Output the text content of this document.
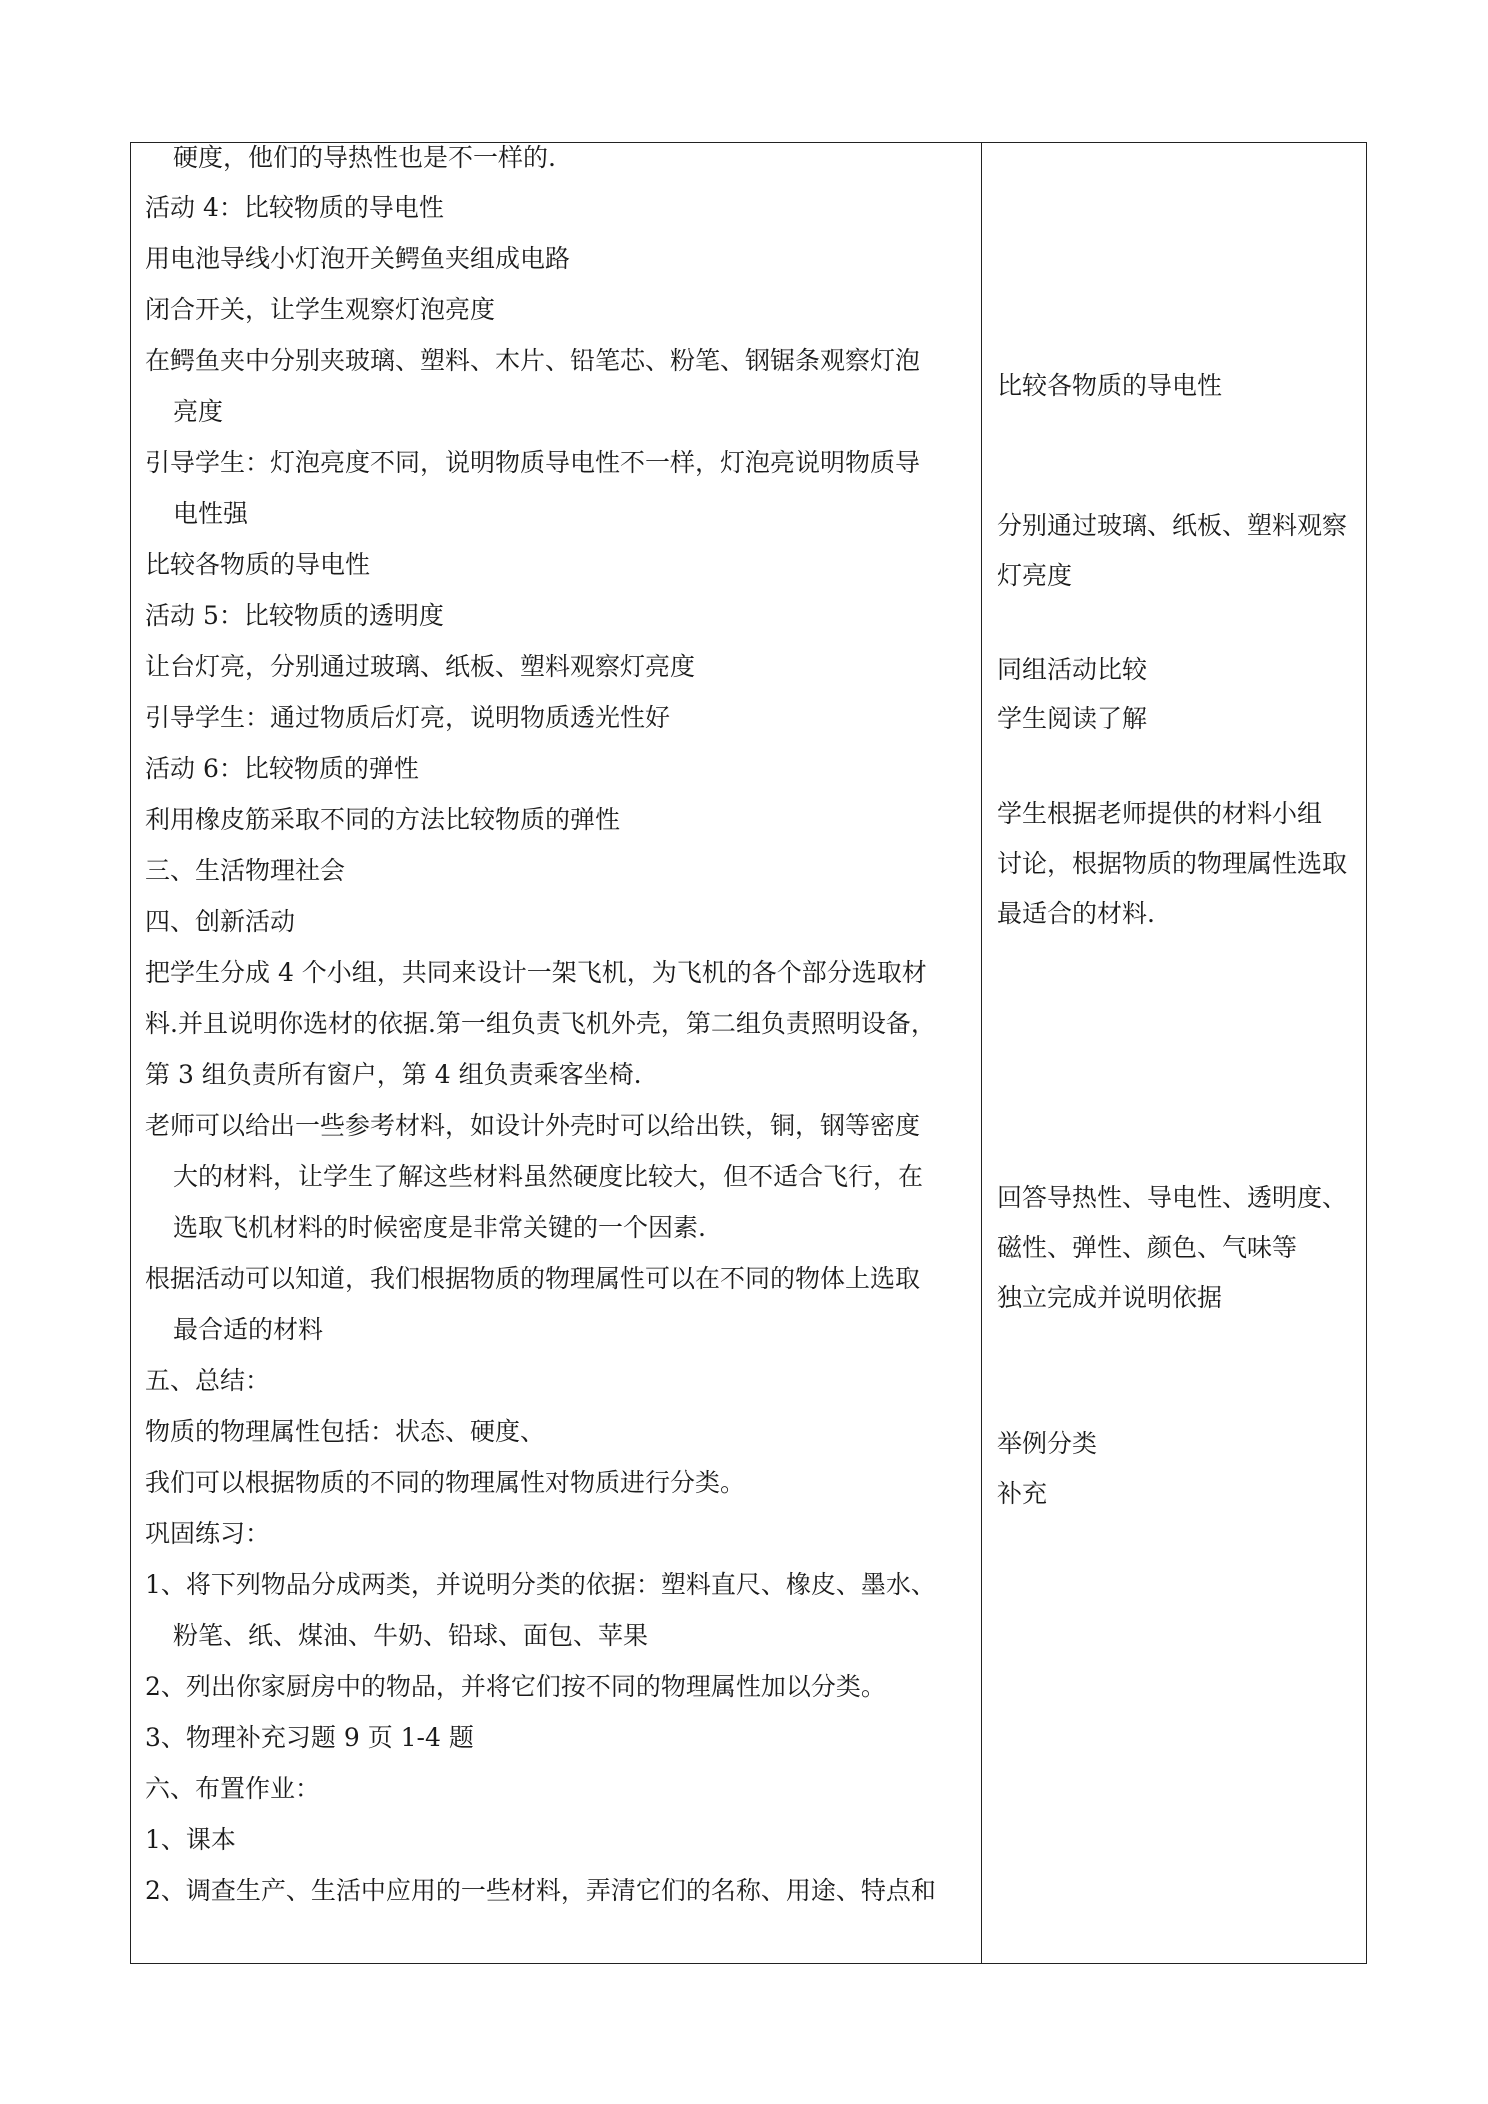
硬度，他们的导热性也是不一样的.
活动 4：比较物质的导电性
用电池导线小灯泡开关鳄鱼夹组成电路
闭合开关，让学生观察灯泡亮度
在鳄鱼夹中分别夹玻璃、塑料、木片、铅笔芯、粉笔、钢锯条观察灯泡
亮度
引导学生：灯泡亮度不同，说明物质导电性不一样，灯泡亮说明物质导
电性强
比较各物质的导电性
活动 5：比较物质的透明度
让台灯亮，分别通过玻璃、纸板、塑料观察灯亮度
引导学生：通过物质后灯亮，说明物质透光性好
活动 6：比较物质的弹性
利用橡皮筋采取不同的方法比较物质的弹性
三、生活物理社会
四、创新活动
把学生分成 4 个小组，共同来设计一架飞机，为飞机的各个部分选取材
料.并且说明你选材的依据.第一组负责飞机外壳，第二组负责照明设备，
第 3 组负责所有窗户，第 4 组负责乘客坐椅.
老师可以给出一些参考材料，如设计外壳时可以给出铁，铜，钢等密度
大的材料，让学生了解这些材料虽然硬度比较大，但不适合飞行，在
选取飞机材料的时候密度是非常关键的一个因素.
根据活动可以知道，我们根据物质的物理属性可以在不同的物体上选取
最合适的材料
五、总结：
物质的物理属性包括：状态、硬度、
我们可以根据物质的不同的物理属性对物质进行分类。
巩固练习：
1、将下列物品分成两类，并说明分类的依据：塑料直尺、橡皮、墨水、
粉笔、纸、煤油、牛奶、铅球、面包、苹果
2、列出你家厨房中的物品，并将它们按不同的物理属性加以分类。
3、物理补充习题 9 页 1-4 题
六、布置作业：
1、课本
2、调查生产、生活中应用的一些材料，弄清它们的名称、用途、特点和
比较各物质的导电性
分别通过玻璃、纸板、塑料观察
灯亮度
同组活动比较
学生阅读了解
学生根据老师提供的材料小组
讨论，根据物质的物理属性选取
最适合的材料.
回答导热性、导电性、透明度、
磁性、弹性、颜色、气味等
独立完成并说明依据
举例分类
补充
